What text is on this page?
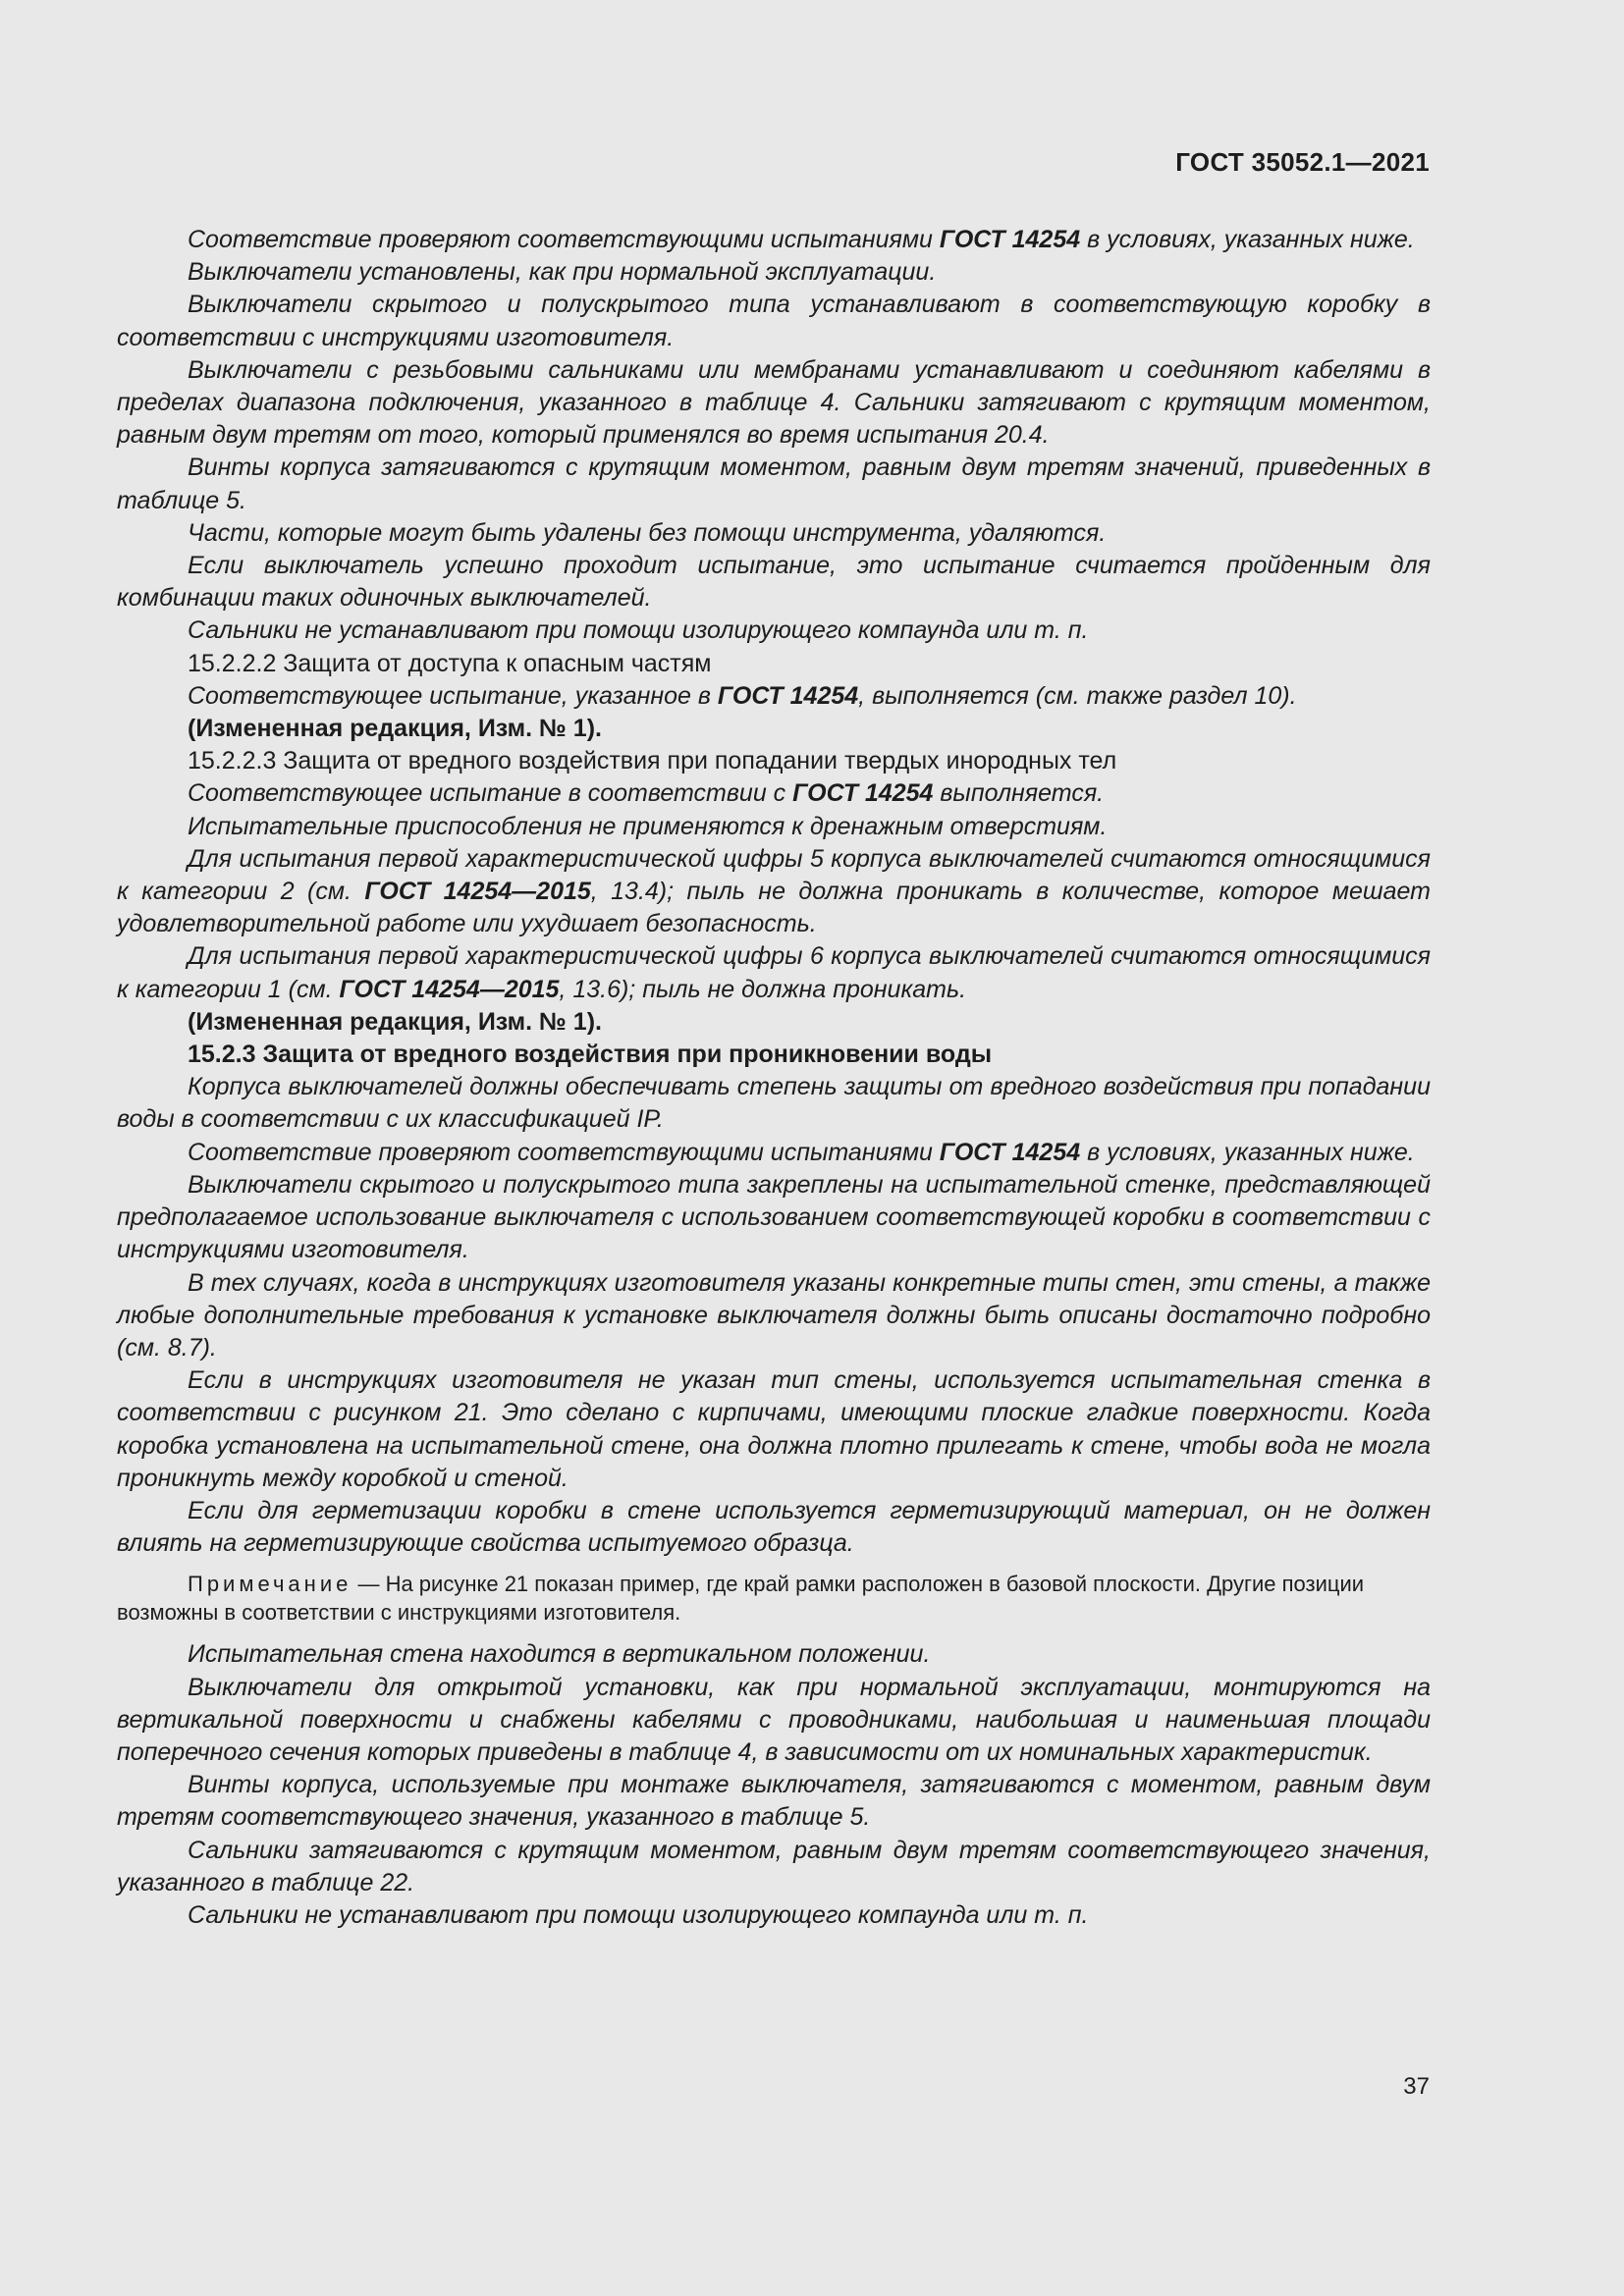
ГОСТ 35052.1—2021

Соответствие проверяют соответствующими испытаниями ГОСТ 14254 в условиях, указанных ниже.

Выключатели установлены, как при нормальной эксплуатации.

Выключатели скрытого и полускрытого типа устанавливают в соответствующую коробку в соответствии с инструкциями изготовителя.

Выключатели с резьбовыми сальниками или мембранами устанавливают и соединяют кабелями в пределах диапазона подключения, указанного в таблице 4. Сальники затягивают с крутящим моментом, равным двум третям от того, который применялся во время испытания 20.4.

Винты корпуса затягиваются с крутящим моментом, равным двум третям значений, приведенных в таблице 5.

Части, которые могут быть удалены без помощи инструмента, удаляются.

Если выключатель успешно проходит испытание, это испытание считается пройденным для комбинации таких одиночных выключателей.

Сальники не устанавливают при помощи изолирующего компаунда или т. п.

15.2.2.2 Защита от доступа к опасным частям

Соответствующее испытание, указанное в ГОСТ 14254, выполняется (см. также раздел 10).

(Измененная редакция, Изм. № 1).

15.2.2.3 Защита от вредного воздействия при попадании твердых инородных тел

Соответствующее испытание в соответствии с ГОСТ 14254 выполняется.

Испытательные приспособления не применяются к дренажным отверстиям.

Для испытания первой характеристической цифры 5 корпуса выключателей считаются относящимися к категории 2 (см. ГОСТ 14254—2015, 13.4); пыль не должна проникать в количестве, которое мешает удовлетворительной работе или ухудшает безопасность.

Для испытания первой характеристической цифры 6 корпуса выключателей считаются относящимися к категории 1 (см. ГОСТ 14254—2015, 13.6); пыль не должна проникать.

(Измененная редакция, Изм. № 1).

15.2.3 Защита от вредного воздействия при проникновении воды

Корпуса выключателей должны обеспечивать степень защиты от вредного воздействия при попадании воды в соответствии с их классификацией IP.

Соответствие проверяют соответствующими испытаниями ГОСТ 14254 в условиях, указанных ниже.

Выключатели скрытого и полускрытого типа закреплены на испытательной стенке, представляющей предполагаемое использование выключателя с использованием соответствующей коробки в соответствии с инструкциями изготовителя.

В тех случаях, когда в инструкциях изготовителя указаны конкретные типы стен, эти стены, а также любые дополнительные требования к установке выключателя должны быть описаны достаточно подробно (см. 8.7).

Если в инструкциях изготовителя не указан тип стены, используется испытательная стенка в соответствии с рисунком 21. Это сделано с кирпичами, имеющими плоские гладкие поверхности. Когда коробка установлена на испытательной стене, она должна плотно прилегать к стене, чтобы вода не могла проникнуть между коробкой и стеной.

Если для герметизации коробки в стене используется герметизирующий материал, он не должен влиять на герметизирующие свойства испытуемого образца.

Примечание — На рисунке 21 показан пример, где край рамки расположен в базовой плоскости. Другие позиции возможны в соответствии с инструкциями изготовителя.

Испытательная стена находится в вертикальном положении.

Выключатели для открытой установки, как при нормальной эксплуатации, монтируются на вертикальной поверхности и снабжены кабелями с проводниками, наибольшая и наименьшая площади поперечного сечения которых приведены в таблице 4, в зависимости от их номинальных характеристик.

Винты корпуса, используемые при монтаже выключателя, затягиваются с моментом, равным двум третям соответствующего значения, указанного в таблице 5.

Сальники затягиваются с крутящим моментом, равным двум третям соответствующего значения, указанного в таблице 22.

Сальники не устанавливают при помощи изолирующего компаунда или т. п.

37
